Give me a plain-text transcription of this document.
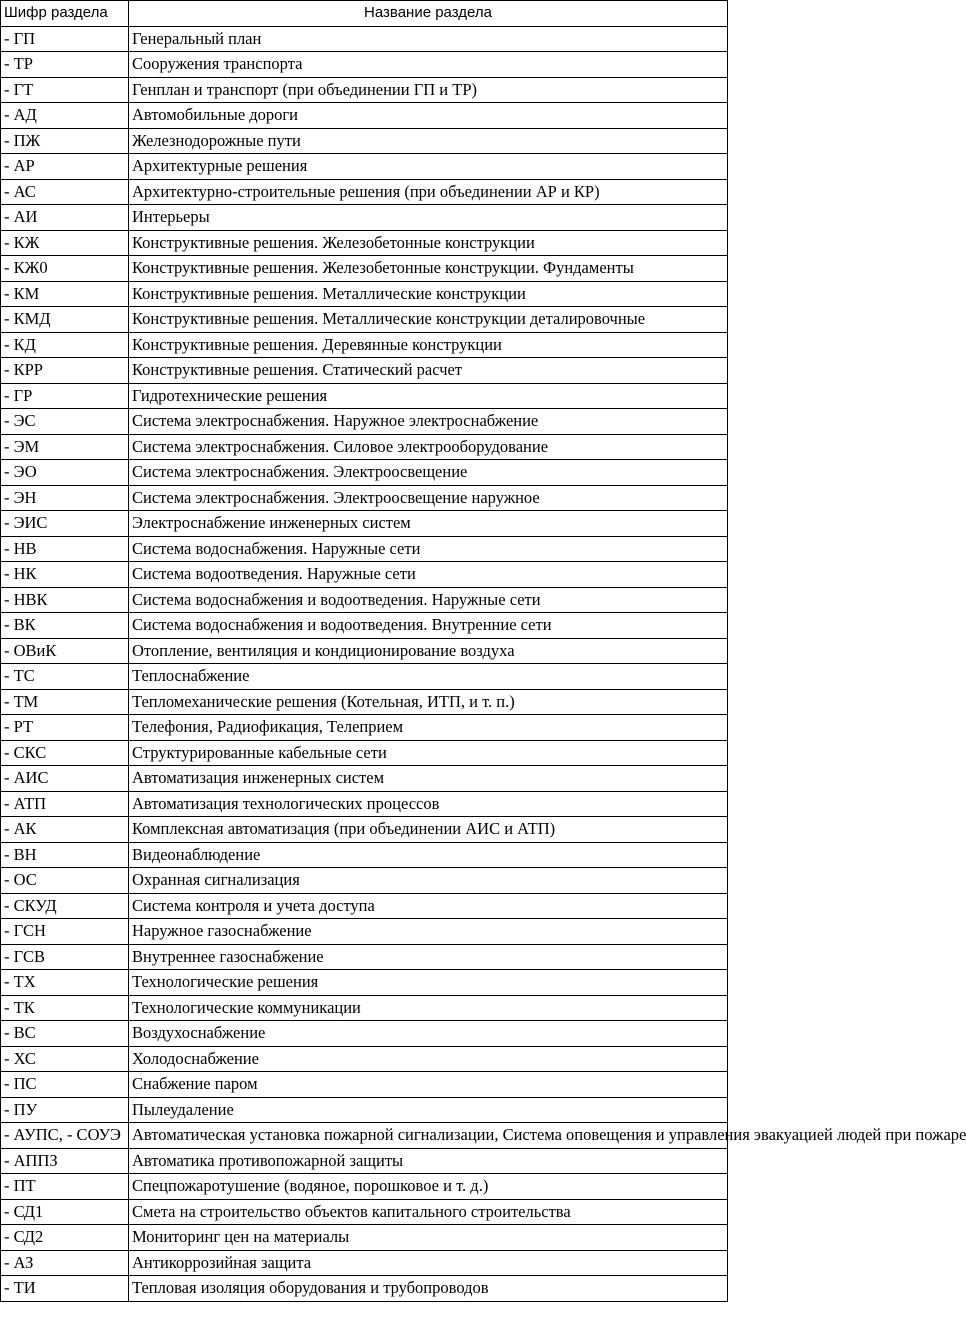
Шифр раздела	Название раздела
- ГП	Генеральный план
- ТР	Сооружения транспорта
- ГТ	Генплан и транспорт (при объединении ГП и ТР)
- АД	Автомобильные дороги
- ПЖ	Железнодорожные пути
- АР	Архитектурные решения
- АС	Архитектурно-строительные решения (при объединении АР и КР)
- АИ	Интерьеры
- КЖ	Конструктивные решения. Железобетонные конструкции
- КЖ0	Конструктивные решения. Железобетонные конструкции. Фундаменты
- КМ	Конструктивные решения. Металлические конструкции
- КМД	Конструктивные решения. Металлические конструкции деталировочные
- КД	Конструктивные решения. Деревянные конструкции
- КРР	Конструктивные решения. Статический расчет
- ГР	Гидротехнические решения
- ЭС	Система электроснабжения. Наружное электроснабжение
- ЭМ	Система электроснабжения. Силовое электрооборудование
- ЭО	Система электроснабжения. Электроосвещение
- ЭН	Система электроснабжения. Электроосвещение наружное
- ЭИС	Электроснабжение инженерных систем
- НВ	Система водоснабжения. Наружные сети
- НК	Система водоотведения. Наружные сети
- НВК	Система водоснабжения и водоотведения. Наружные сети
- ВК	Система водоснабжения и водоотведения. Внутренние сети
- ОВиК	Отопление, вентиляция и кондиционирование воздуха
- ТС	Теплоснабжение
- ТМ	Тепломеханические решения (Котельная, ИТП, и т. п.)
- РТ	Телефония, Радиофикация, Телеприем
- СКС	Структурированные кабельные сети
- АИС	Автоматизация инженерных систем
- АТП	Автоматизация технологических процессов
- АК	Комплексная автоматизация (при объединении АИС и АТП)
- ВН	Видеонаблюдение
- ОС	Охранная сигнализация
- СКУД	Система контроля и учета доступа
- ГСН	Наружное газоснабжение
- ГСВ	Внутреннее газоснабжение
- ТХ	Технологические решения
- ТК	Технологические коммуникации
- ВС	Воздухоснабжение
- ХС	Холодоснабжение
- ПС	Снабжение паром
- ПУ	Пылеудаление
- АУПС, - СОУЭ	Автоматическая установка пожарной сигнализации, Система оповещения и управления эвакуацией людей при пожаре
- АППЗ	Автоматика противопожарной защиты
- ПТ	Спецпожаротушение (водяное, порошковое и т. д.)
- СД1	Смета на строительство объектов капитального строительства
- СД2	Мониторинг цен на материалы
- АЗ	Антикоррозийная защита
- ТИ	Тепловая изоляция оборудования и трубопроводов
